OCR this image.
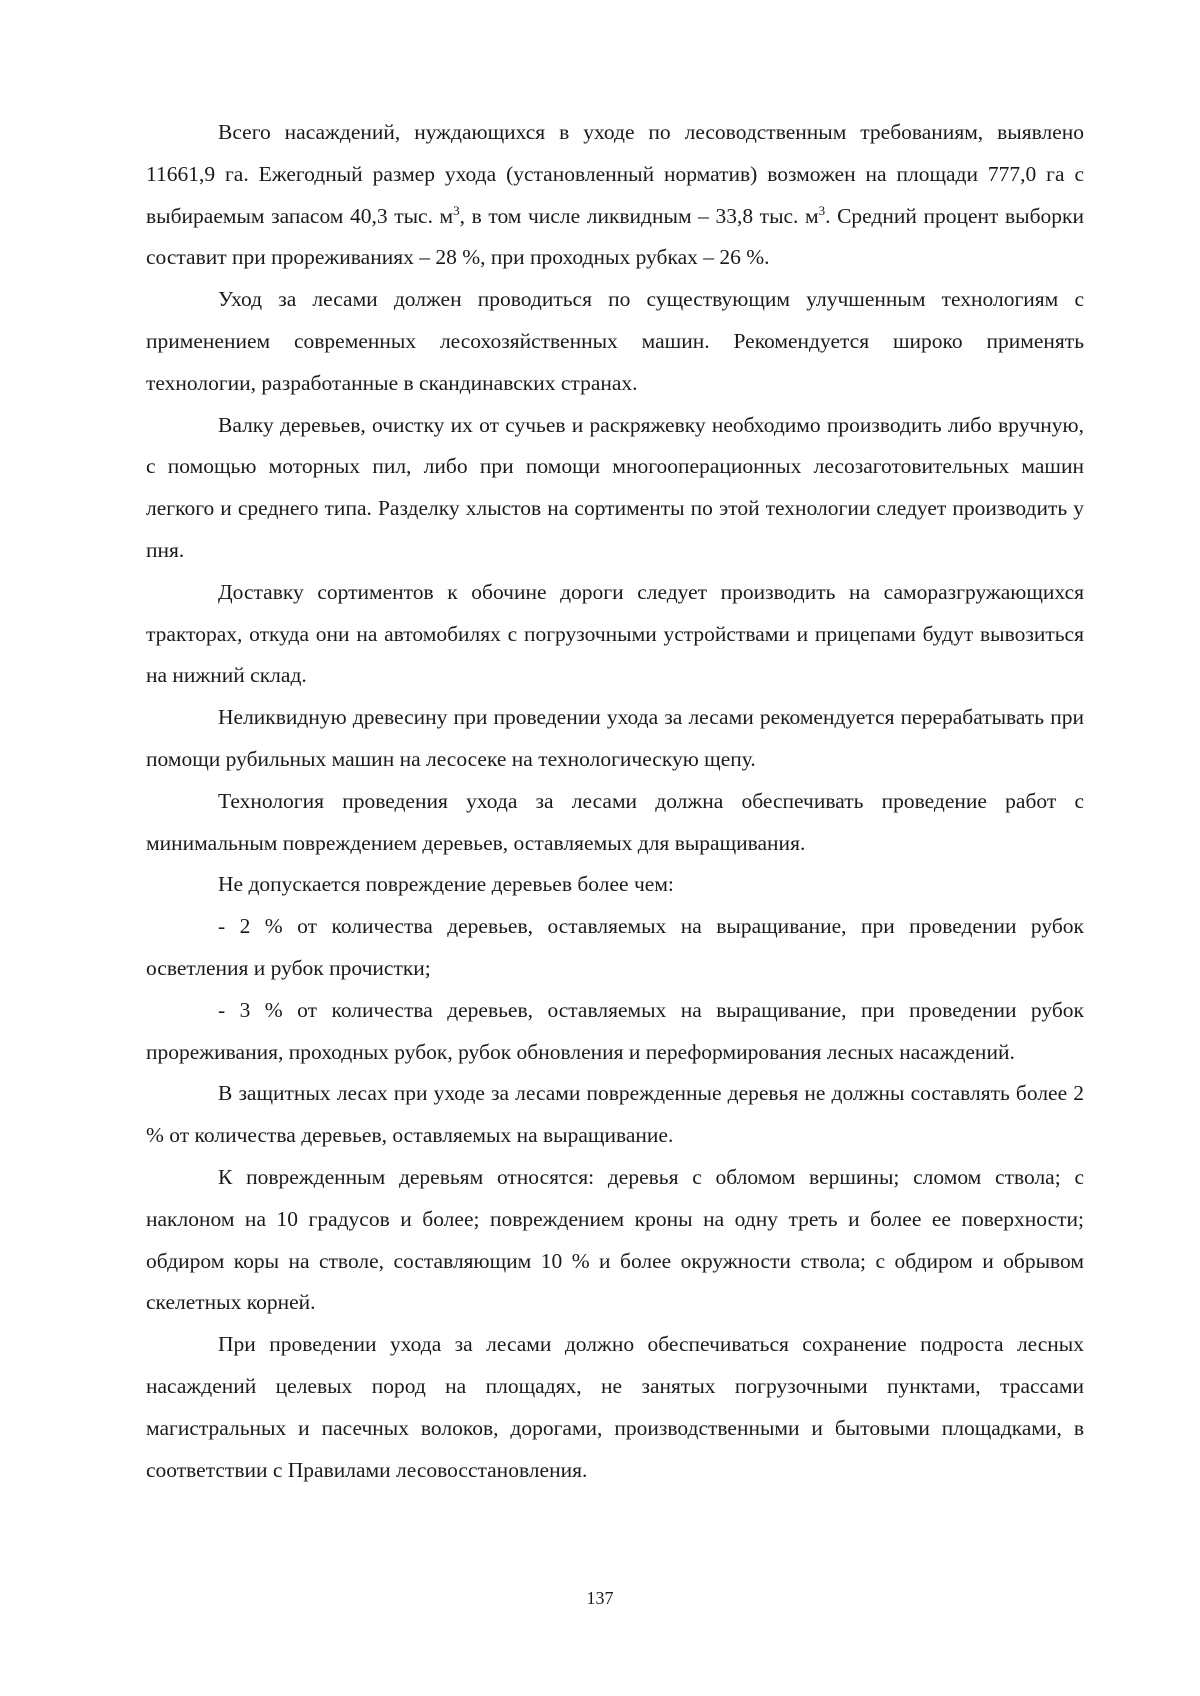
Всего насаждений, нуждающихся в уходе по лесоводственным требованиям, выявлено 11661,9 га. Ежегодный размер ухода (установленный норматив) возможен на площади 777,0 га с выбираемым запасом 40,3 тыс. $м^3$, в том числе ликвидным – 33,8 тыс. $м^3$. Средний процент выборки составит при прореживаниях – 28 %, при проходных рубках – 26 %.

Уход за лесами должен проводиться по существующим улучшенным технологиям с применением современных лесохозяйственных машин. Рекомендуется широко применять технологии, разработанные в скандинавских странах.

Валку деревьев, очистку их от сучьев и раскряжевку необходимо производить либо вручную, с помощью моторных пил, либо при помощи многооперационных лесозаготовительных машин легкого и среднего типа. Разделку хлыстов на сортименты по этой технологии следует производить у пня.

Доставку сортиментов к обочине дороги следует производить на саморазгружающихся тракторах, откуда они на автомобилях с погрузочными устройствами и прицепами будут вывозиться на нижний склад.

Неликвидную древесину при проведении ухода за лесами рекомендуется перерабатывать при помощи рубильных машин на лесосеке на технологическую щепу.

Технология проведения ухода за лесами должна обеспечивать проведение работ с минимальным повреждением деревьев, оставляемых для выращивания.

Не допускается повреждение деревьев более чем:

- 2 % от количества деревьев, оставляемых на выращивание, при проведении рубок осветления и рубок прочистки;

- 3 % от количества деревьев, оставляемых на выращивание, при проведении рубок прореживания, проходных рубок, рубок обновления и переформирования лесных насаждений.

В защитных лесах при уходе за лесами поврежденные деревья не должны составлять более 2 % от количества деревьев, оставляемых на выращивание.

К поврежденным деревьям относятся: деревья с обломом вершины; сломом ствола; с наклоном на 10 градусов и более; повреждением кроны на одну треть и более ее поверхности; обдиром коры на стволе, составляющим 10 % и более окружности ствола; с обдиром и обрывом скелетных корней.

При проведении ухода за лесами должно обеспечиваться сохранение подроста лесных насаждений целевых пород на площадях, не занятых погрузочными пунктами, трассами магистральных и пасечных волоков, дорогами, производственными и бытовыми площадками, в соответствии с Правилами лесовосстановления.

137
